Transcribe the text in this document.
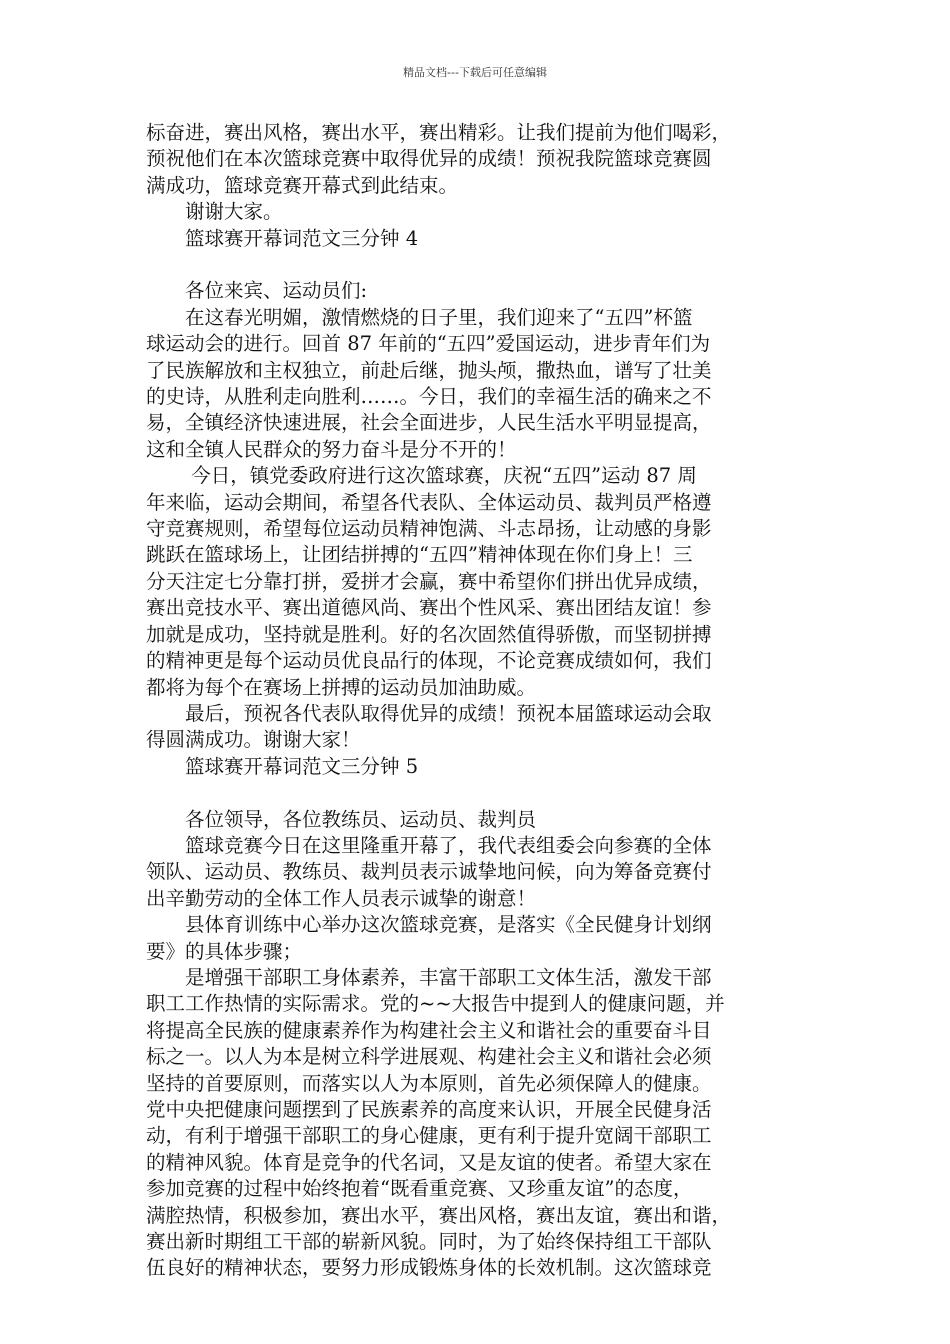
精品文档---下载后可任意编辑

标奋进，赛出风格，赛出水平，赛出精彩。让我们提前为他们喝彩，

预祝他们在本次篮球竞赛中取得优异的成绩！预祝我院篮球竞赛圆

满成功，篮球竞赛开幕式到此结束。

　　谢谢大家。

　　篮球赛开幕词范文三分钟 4

　　各位来宾、运动员们:

　　在这春光明媚，激情燃烧的日子里，我们迎来了“五四”杯篮

球运动会的进行。回首 87 年前的“五四”爱国运动，进步青年们为

了民族解放和主权独立，前赴后继，抛头颅，撒热血，谱写了壮美

的史诗，从胜利走向胜利……。今日，我们的幸福生活的确来之不

易，全镇经济快速进展，社会全面进步，人民生活水平明显提高，

这和全镇人民群众的努力奋斗是分不开的！

　　 今日，镇党委政府进行这次篮球赛，庆祝“五四”运动 87 周

年来临，运动会期间，希望各代表队、全体运动员、裁判员严格遵

守竞赛规则，希望每位运动员精神饱满、斗志昂扬，让动感的身影

跳跃在篮球场上，让团结拼搏的“五四”精神体现在你们身上！三

分天注定七分靠打拼，爱拼才会赢，赛中希望你们拼出优异成绩，

赛出竞技水平、赛出道德风尚、赛出个性风采、赛出团结友谊！参

加就是成功，坚持就是胜利。好的名次固然值得骄傲，而坚韧拼搏

的精神更是每个运动员优良品行的体现，不论竞赛成绩如何，我们

都将为每个在赛场上拼搏的运动员加油助威。

　　最后，预祝各代表队取得优异的成绩！预祝本届篮球运动会取

得圆满成功。谢谢大家！

　　篮球赛开幕词范文三分钟 5

　　各位领导，各位教练员、运动员、裁判员

　　篮球竞赛今日在这里隆重开幕了，我代表组委会向参赛的全体

领队、运动员、教练员、裁判员表示诚挚地问候，向为筹备竞赛付

出辛勤劳动的全体工作人员表示诚挚的谢意！

　　县体育训练中心举办这次篮球竞赛，是落实《全民健身计划纲

要》的具体步骤；

　　是增强干部职工身体素养，丰富干部职工文体生活，激发干部

职工工作热情的实际需求。党的~~大报告中提到人的健康问题，并

将提高全民族的健康素养作为构建社会主义和谐社会的重要奋斗目

标之一。以人为本是树立科学进展观、构建社会主义和谐社会必须

坚持的首要原则，而落实以人为本原则，首先必须保障人的健康。

党中央把健康问题摆到了民族素养的高度来认识，开展全民健身活

动，有利于增强干部职工的身心健康，更有利于提升宽阔干部职工

的精神风貌。体育是竞争的代名词，又是友谊的使者。希望大家在

参加竞赛的过程中始终抱着“既看重竞赛、又珍重友谊”的态度，

满腔热情，积极参加，赛出水平，赛出风格，赛出友谊，赛出和谐，

赛出新时期组工干部的崭新风貌。同时，为了始终保持组工干部队

伍良好的精神状态，要努力形成锻炼身体的长效机制。这次篮球竞
